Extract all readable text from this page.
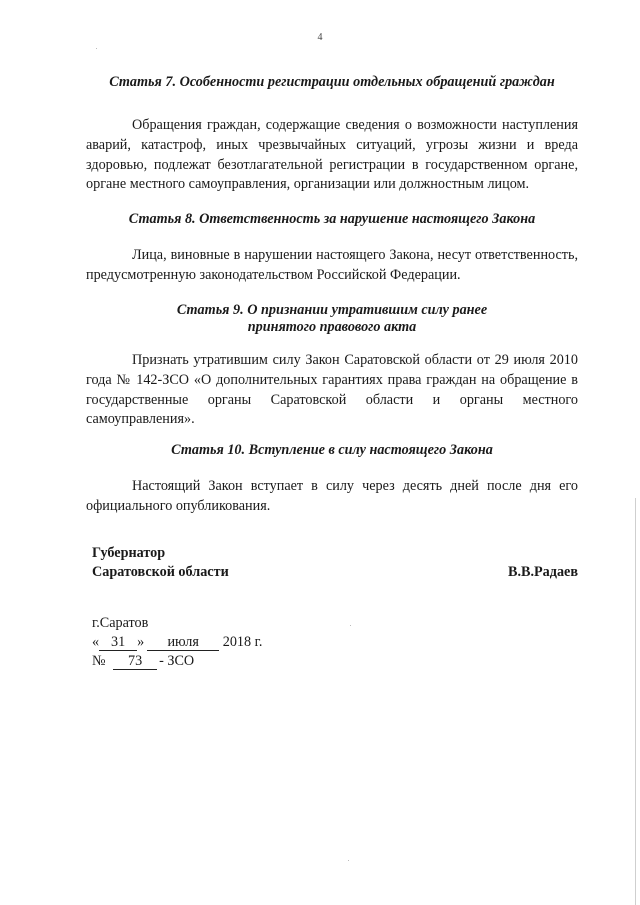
4
Статья 7. Особенности регистрации отдельных обращений граждан
Обращения граждан, содержащие сведения о возможности наступления аварий, катастроф, иных чрезвычайных ситуаций, угрозы жизни и вреда здоровью, подлежат безотлагательной регистрации в государственном органе, органе местного самоуправления, организации или должностным лицом.
Статья 8. Ответственность за нарушение настоящего Закона
Лица, виновные в нарушении настоящего Закона, несут ответственность, предусмотренную законодательством Российской Федерации.
Статья 9. О признании утратившим силу ранее
принятого правового акта
Признать утратившим силу Закон Саратовской области от 29 июля 2010 года № 142-ЗСО «О дополнительных гарантиях права граждан на обращение в государственные органы Саратовской области и органы местного самоуправления».
Статья 10. Вступление в силу настоящего Закона
Настоящий Закон вступает в силу через десять дней после дня его официального опубликования.
Губернатор
Саратовской области	В.В.Радаев
г.Саратов
« 31 » июля 2018 г.
№ 73 - ЗСО
